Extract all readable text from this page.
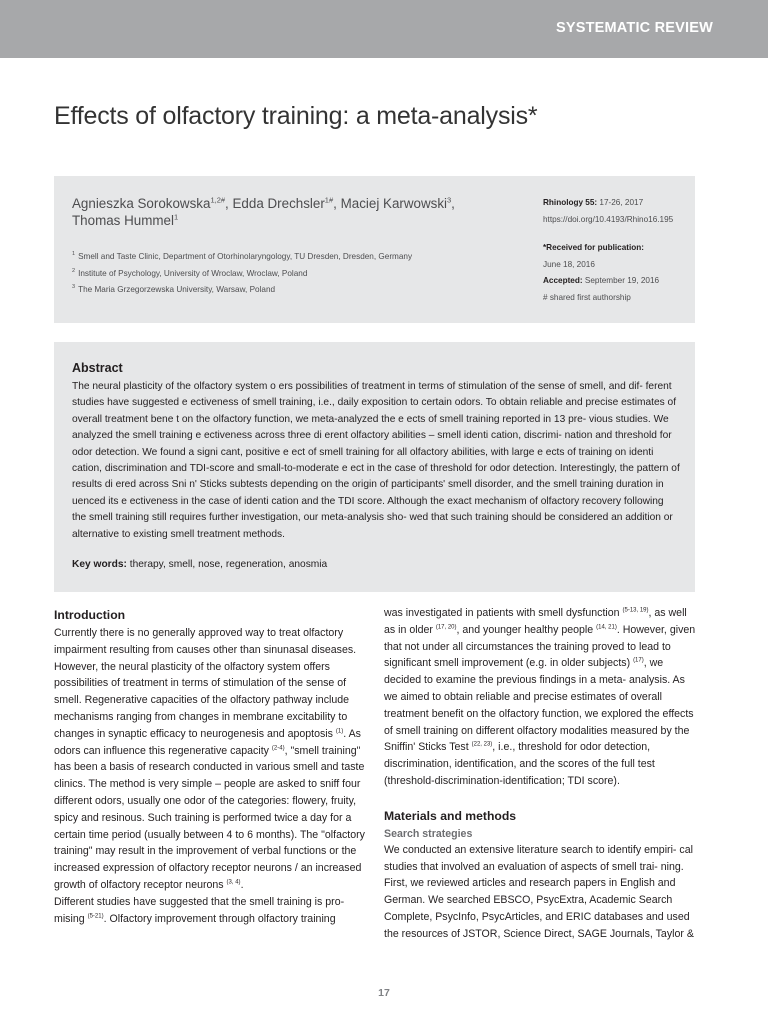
SYSTEMATIC REVIEW
Effects of olfactory training: a meta-analysis*
Agnieszka Sorokowska$^{1,2\#}$, Edda Drechsler$^{1\#}$, Maciej Karwowski$^3$,
Thomas Hummel$^1$
$^1$ Smell and Taste Clinic, Department of Otorhinolaryngology, TU Dresden, Dresden, Germany
$^2$ Institute of Psychology, University of Wroclaw, Wroclaw, Poland
$^3$ The Maria Grzegorzewska University, Warsaw, Poland
Rhinology 55: 17-26, 2017
https://doi.org/10.4193/Rhino16.195
*Received for publication:
June 18, 2016
Accepted: September 19, 2016
# shared first authorship
Abstract
The neural plasticity of the olfactory system o ers possibilities of treatment in terms of stimulation of the sense of smell, and dif- ferent studies have suggested e ectiveness of smell training, i.e., daily exposition to certain odors. To obtain reliable and precise estimates of overall treatment bene t on the olfactory function, we meta-analyzed the e ects of smell training reported in 13 pre- vious studies. We analyzed the smell training e ectiveness across three di erent olfactory abilities – smell identi cation, discrimi- nation and threshold for odor detection. We found a signi cant, positive e ect of smell training for all olfactory abilities, with large e ects of training on identi cation, discrimination and TDI-score and small-to-moderate e ect in the case of threshold for odor detection. Interestingly, the pattern of results di ered across Sni n' Sticks subtests depending on the origin of participants' smell disorder, and the smell training duration in uenced its e ectiveness in the case of identi cation and the TDI score. Although the exact mechanism of olfactory recovery following the smell training still requires further investigation, our meta-analysis sho- wed that such training should be considered an addition or alternative to existing smell treatment methods.
Key words: therapy, smell, nose, regeneration, anosmia
Introduction

Currently there is no generally approved way to treat olfactory impairment resulting from causes other than sinunasal diseases. However, the neural plasticity of the olfactory system offers possibilities of treatment in terms of stimulation of the sense of smell. Regenerative capacities of the olfactory pathway include mechanisms ranging from changes in membrane excitability to changes in synaptic efficacy to neurogenesis and apoptosis $^{(1)}$. As odors can influence this regenerative capacity $^{(2-4)}$, "smell training" has been a basis of research conducted in various smell and taste clinics. The method is very simple – people are asked to sniff four different odors, usually one odor of the categories: flowery, fruity, spicy and resinous. Such training is performed twice a day for a certain time period (usually between 4 to 6 months). The "olfactory training" may result in the improvement of verbal functions or the increased expression of olfactory receptor neurons / an increased growth of olfactory receptor neurons $^{(3, 4)}$.

Different studies have suggested that the smell training is pro- mising $^{(5-21)}$. Olfactory improvement through olfactory training

was investigated in patients with smell dysfunction $^{(5-13, 19)}$, as well as in older $^{(17, 20)}$, and younger healthy people $^{(14, 21)}$. However, given that not under all circumstances the training proved to lead to significant smell improvement (e.g. in older subjects) $^{(17)}$, we decided to examine the previous findings in a meta- analysis. As we aimed to obtain reliable and precise estimates of overall treatment benefit on the olfactory function, we explored the effects of smell training on different olfactory modalities measured by the Sniffin' Sticks Test $^{(22, 23)}$, i.e., threshold for odor detection, discrimination, identification, and the scores of the full test (threshold-discrimination-identification; TDI score).

Materials and methods
Search strategies

We conducted an extensive literature search to identify empiri- cal studies that involved an evaluation of aspects of smell trai- ning. First, we reviewed articles and research papers in English and German. We searched EBSCO, PsycExtra, Academic Search Complete, PsycInfo, PsycArticles, and ERIC databases and used the resources of JSTOR, Science Direct, SAGE Journals, Taylor &

17
